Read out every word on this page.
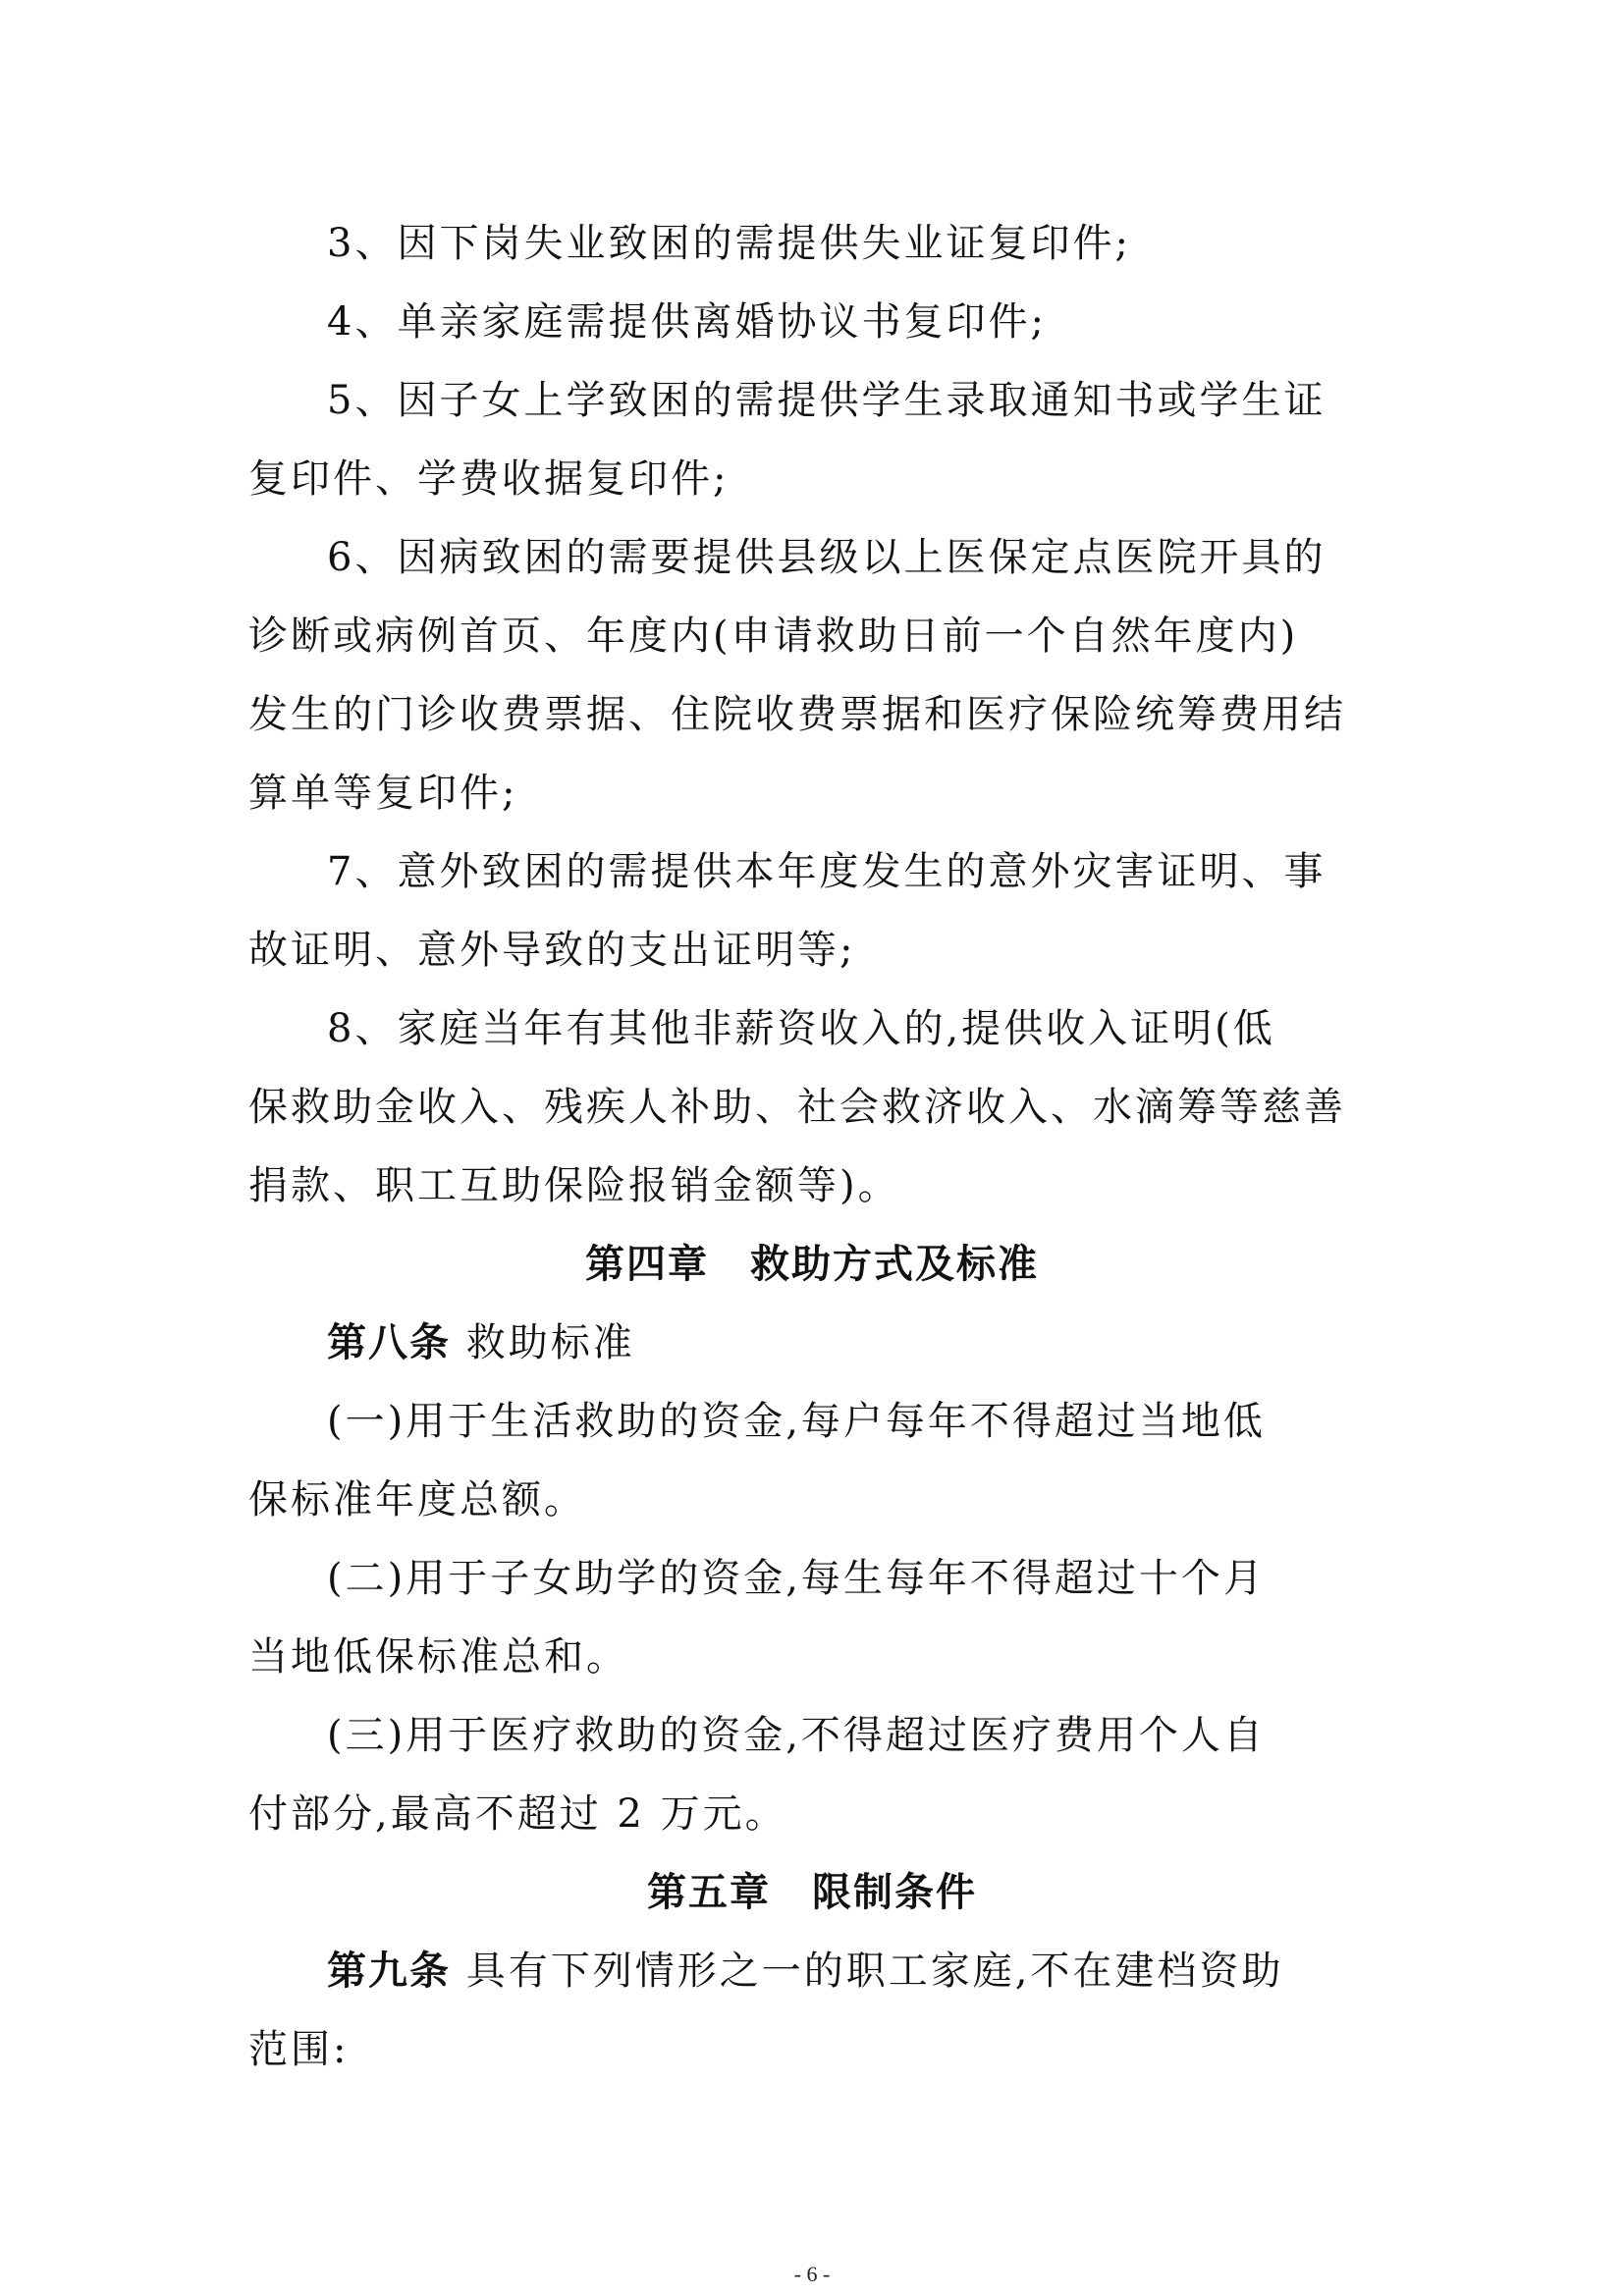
3、因下岗失业致困的需提供失业证复印件;
4、单亲家庭需提供离婚协议书复印件;
5、因子女上学致困的需提供学生录取通知书或学生证
复印件、学费收据复印件;
6、因病致困的需要提供县级以上医保定点医院开具的
诊断或病例首页、年度内(申请救助日前一个自然年度内)
发生的门诊收费票据、住院收费票据和医疗保险统筹费用结
算单等复印件;
7、意外致困的需提供本年度发生的意外灾害证明、事
故证明、意外导致的支出证明等;
8、家庭当年有其他非薪资收入的,提供收入证明(低
保救助金收入、残疾人补助、社会救济收入、水滴筹等慈善
捐款、职工互助保险报销金额等)。
第四章　救助方式及标准
第八条 救助标准
(一)用于生活救助的资金,每户每年不得超过当地低
保标准年度总额。
(二)用于子女助学的资金,每生每年不得超过十个月
当地低保标准总和。
(三)用于医疗救助的资金,不得超过医疗费用个人自
付部分,最高不超过 2 万元。
第五章　限制条件
第九条 具有下列情形之一的职工家庭,不在建档资助
范围:
- 6 -
